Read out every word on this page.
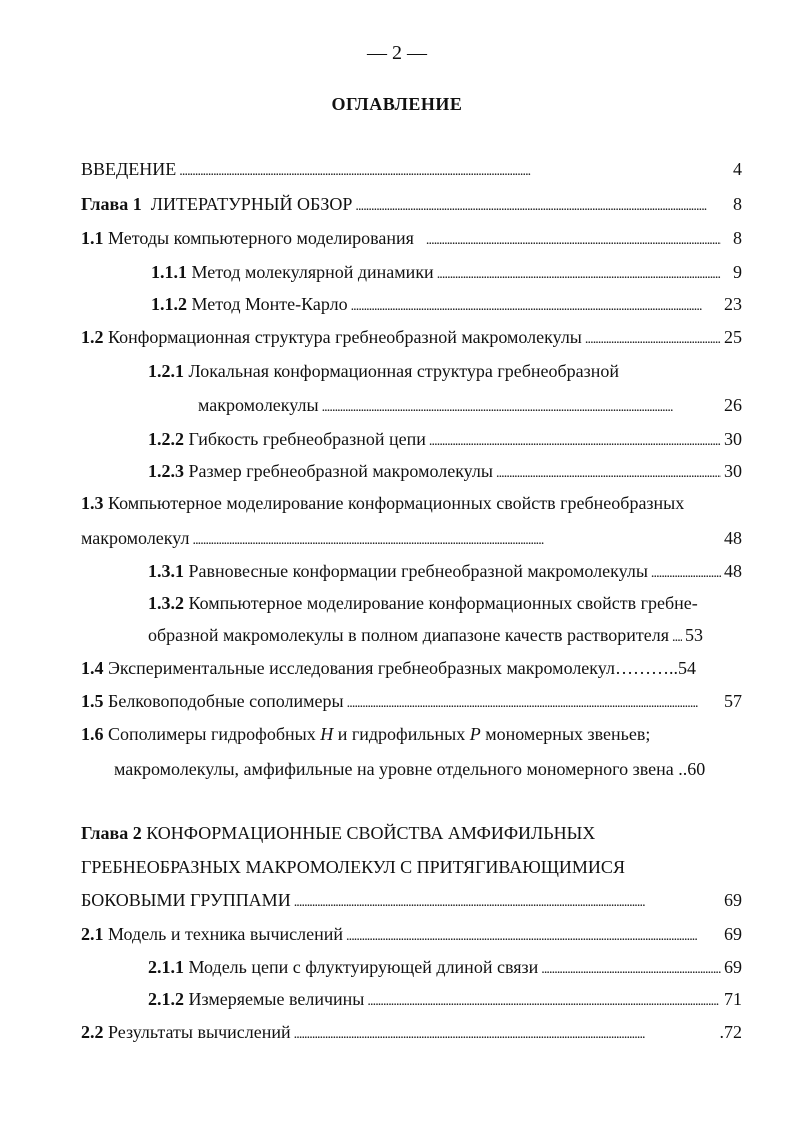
— 2 —
ОГЛАВЛЕНИЕ
ВВЕДЕНИЕ . . .	4
Глава 1 ЛИТЕРАТУРНЫЙ ОБЗОР . . .	8
1.1 Методы компьютерного моделирования . . .	8
1.1.1 Метод молекулярной динамики . . .	9
1.1.2 Метод Монте-Карло . . .	23
1.2 Конформационная структура гребнеобразной макромолекулы . . .	25
1.2.1 Локальная конформационная структура гребнеобразной
макромолекулы . . .	26
1.2.2 Гибкость гребнеобразной цепи . . .	30
1.2.3 Размер гребнеобразной макромолекулы . . .	30
1.3 Компьютерное моделирование конформационных свойств гребнеобразных
макромолекул . . .	48
1.3.1 Равновесные конформации гребнеобразной макромолекулы . . .	48
1.3.2 Компьютерное моделирование конформационных свойств гребне-
образной макромолекулы в полном диапазоне качеств растворителя . . . 53
1.4 Экспериментальные исследования гребнеобразных макромолекул………..54
1.5 Белковоподобные сополимеры . . .	57
1.6 Сополимеры гидрофобных H и гидрофильных P мономерных звеньев;
макромолекулы, амфифильные на уровне отдельного мономерного звена ..60
Глава 2 КОНФОРМАЦИОННЫЕ СВОЙСТВА АМФИФИЛЬНЫХ
ГРЕБНЕОБРАЗНЫХ МАКРОМОЛЕКУЛ С ПРИТЯГИВАЮЩИМИСЯ
БОКОВЫМИ ГРУППАМИ . . .	69
2.1 Модель и техника вычислений . . .	69
2.1.1 Модель цепи с флуктуирующей длиной связи . . .	69
2.1.2 Измеряемые величины . . .	71
2.2 Результаты вычислений . . .	.72
